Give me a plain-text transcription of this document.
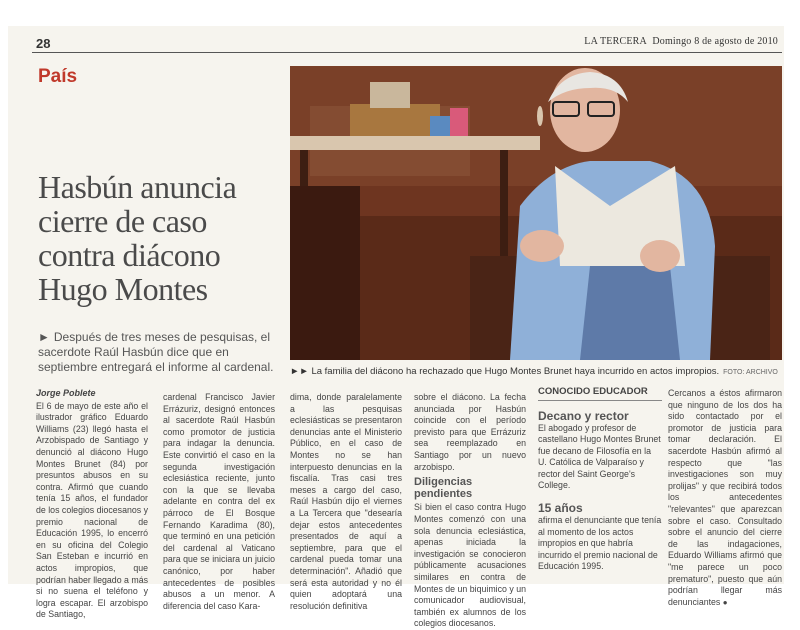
28	LA TERCERA Domingo 8 de agosto de 2010
País
Hasbún anuncia cierre de caso contra diácono Hugo Montes
► Después de tres meses de pesquisas, el sacerdote Raúl Hasbún dice que en septiembre entregará el informe al cardenal.	►► La familia del diácono ha rechazado que Hugo Montes Brunet haya incurrido en actos impropios. FOTO: ARCHIVO
Jorge Poblete
El 6 de mayo de este año el ilustrador gráfico Eduardo Williams (23) llegó hasta el Arzobispado de Santiago y denunció al diácono Hugo Montes Brunet (84) por presuntos abusos en su contra. Afirmó que cuando tenía 15 años, el fundador de los colegios diocesanos y premio nacional de Educación 1995, lo encerró en su oficina del Colegio San Esteban e incurrió en actos impropios, que podrían haber llegado a más si no suena el teléfono y logra escapar. El arzobispo de Santiago,
cardenal Francisco Javier Errázuriz, designó entonces al sacerdote Raúl Hasbún como promotor de justicia para indagar la denuncia. Este convirtió el caso en la segunda investigación eclesiástica reciente, junto con la que se llevaba adelante en contra del ex párroco de El Bosque Fernando Karadima (80), que terminó en una petición del cardenal al Vaticano para que se iniciara un juicio canónico, por haber antecedentes de posibles abusos a un menor. A diferencia del caso Kara-
dima, donde paralelamente a las pesquisas eclesiásticas se presentaron denuncias ante el Ministerio Público, en el caso de Montes no se han interpuesto denuncias en la fiscalía. Tras casi tres meses a cargo del caso, Raúl Hasbún dijo el viernes a La Tercera que "desearía dejar estos antecedentes presentados de aquí a septiembre, para que el cardenal pueda tomar una determinación". Añadió que será esta autoridad y no él quien adoptará una resolución definitiva
sobre el diácono. La fecha anunciada por Hasbún coincide con el período previsto para que Errázuriz sea reemplazado en Santiago por un nuevo arzobispo.
Diligencias pendientes
Si bien el caso contra Hugo Montes comenzó con una sola denuncia eclesiástica, apenas iniciada la investigación se conocieron públicamente acusaciones similares en contra de Montes de un biquimico y un comunicador audiovisual, también ex alumnos de los colegios diocesanos.
CONOCIDO EDUCADOR
Decano y rector
El abogado y profesor de castellano Hugo Montes Brunet fue decano de Filosofía en la U. Católica de Valparaíso y rector del Saint George's College.
15 años
afirma el denunciante que tenía al momento de los actos impropios en que habría incurrido el premio nacional de Educación 1995.
Cercanos a éstos afirmaron que ninguno de los dos ha sido contactado por el promotor de justicia para tomar declaración. El sacerdote Hasbún afirmó al respecto que "las investigaciones son muy prolijas" y que recibirá todos los antecedentes "relevantes" que aparezcan sobre el caso. Consultado sobre el anuncio del cierre de las indagaciones, Eduardo Williams afirmó que "me parece un poco prematuro", puesto que aún podrían llegar más denunciantes ●
